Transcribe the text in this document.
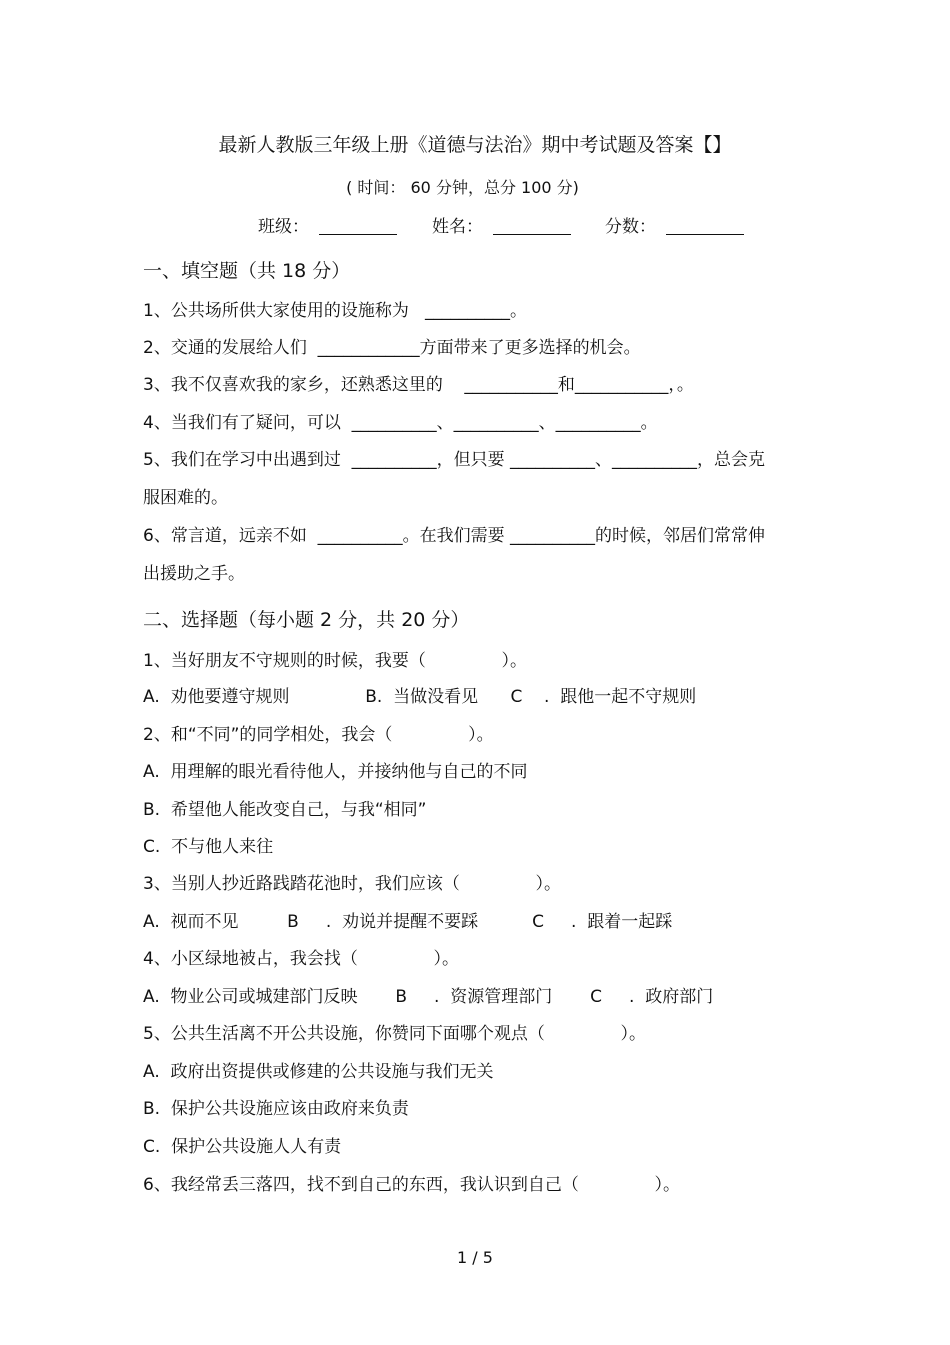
最新人教版三年级上册《道德与法治》期中考试题及答案【】
( 时间： 60 分钟，总分 100 分)
班级：	姓名：	分数：
一、填空题（共 18 分）
1、公共场所供大家使用的设施称为   __________。
2、交通的发展给人们  ____________方面带来了更多选择的机会。
3、我不仅喜欢我的家乡，还熟悉这里的    ___________和___________，。
4、当我们有了疑问，可以  __________、__________、__________。
5、我们在学习中出遇到过  __________，但只要 __________、__________，总会克
服困难的。
6、常言道，远亲不如  __________。在我们需要 __________的时候，邻居们常常伸
出援助之手。
二、选择题（每小题 2 分，共 20 分）
1、当好朋友不守规则的时候，我要（              ）。
A.  劝他要遵守规则              B.  当做没看见      C    .  跟他一起不守规则
2、和“不同”的同学相处，我会（              ）。
A.  用理解的眼光看待他人，并接纳他与自己的不同
B.  希望他人能改变自己，与我“相同”
C.  不与他人来往
3、当别人抄近路践踏花池时，我们应该（              ）。
A.  视而不见         B     .  劝说并提醒不要踩          C     .  跟着一起踩
4、小区绿地被占，我会找（              ）。
A.  物业公司或城建部门反映       B     .  资源管理部门       C     .  政府部门
5、公共生活离不开公共设施，你赞同下面哪个观点（              ）。
A.  政府出资提供或修建的公共设施与我们无关
B.  保护公共设施应该由政府来负责
C.  保护公共设施人人有责
6、我经常丢三落四，找不到自己的东西，我认识到自己（              ）。
1 / 5
